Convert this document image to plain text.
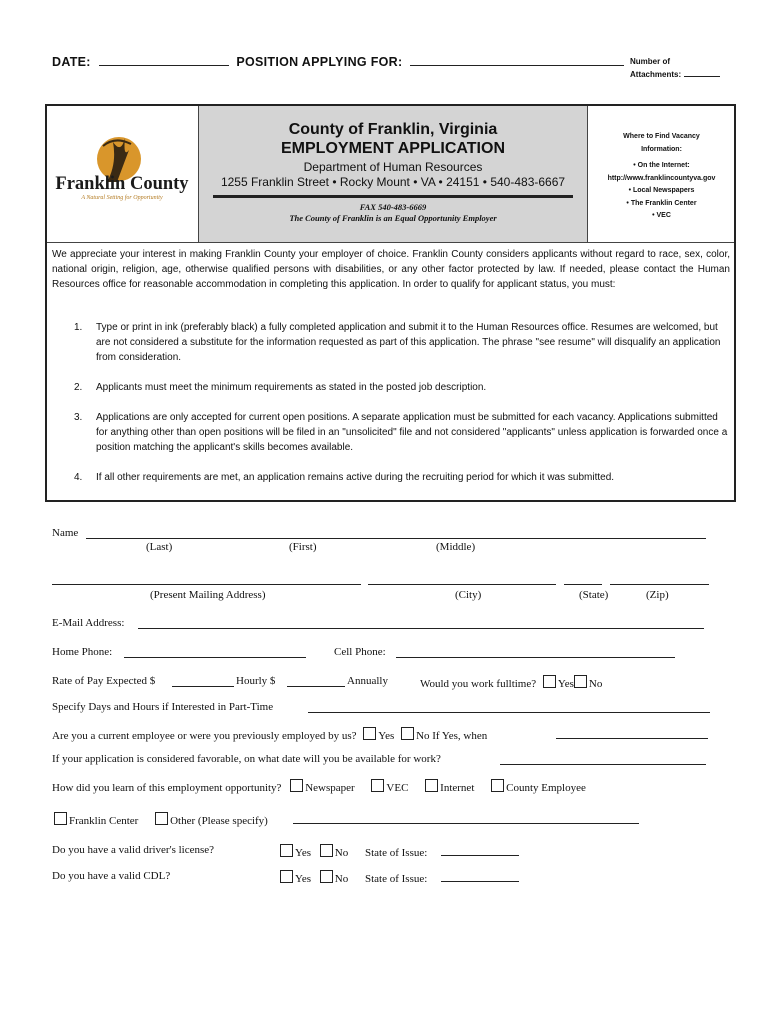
DATE:	POSITION APPLYING FOR:	Number of
Attachments:
Franklin County
A Natural Setting for Opportunity
County of Franklin, Virginia
EMPLOYMENT APPLICATION
Department of Human Resources
1255 Franklin Street • Rocky Mount • VA • 24151 • 540-483-6667
FAX 540-483-6669
The County of Franklin is an Equal Opportunity Employer
Where to Find Vacancy
Information:
• On the Internet:
http://www.franklincountyva.gov
• Local Newspapers
• The Franklin Center
• VEC
We appreciate your interest in making Franklin County your employer of choice. Franklin County considers applicants without regard to race, sex, color, national origin, religion, age, otherwise qualified persons with disabilities, or any other factor protected by law. If needed, please contact the Human Resources office for reasonable accommodation in completing this application. In order to qualify for applicant status, you must:
1. Type or print in ink (preferably black) a fully completed application and submit it to the Human Resources office. Resumes are welcomed, but are not considered a substitute for the information requested as part of this application. The phrase "see resume" will disqualify an application from consideration.
2. Applicants must meet the minimum requirements as stated in the posted job description.
3. Applications are only accepted for current open positions. A separate application must be submitted for each vacancy. Applications submitted for anything other than open positions will be filed in an "unsolicited" file and not considered "applicants" unless application is forwarded once a position matching the applicant's skills becomes available.
4. If all other requirements are met, an application remains active during the recruiting period for which it was submitted.
Name
(Last)	(First)	(Middle)
(Present Mailing Address)	(City)	(State)	(Zip)
E-Mail Address:
Home Phone:	Cell Phone:
Rate of Pay Expected $	Hourly $	Annually	Would you work fulltime? Yes No
Specify Days and Hours if Interested in Part-Time
Are you a current employee or were you previously employed by us? Yes No If Yes, when
If your application is considered favorable, on what date will you be available for work?
How did you learn of this employment opportunity? Newspaper	VEC	Internet	County Employee
Franklin Center	Other (Please specify)
Do you have a valid driver's license?	Yes No State of Issue:
Do you have a valid CDL?	Yes No State of Issue:
